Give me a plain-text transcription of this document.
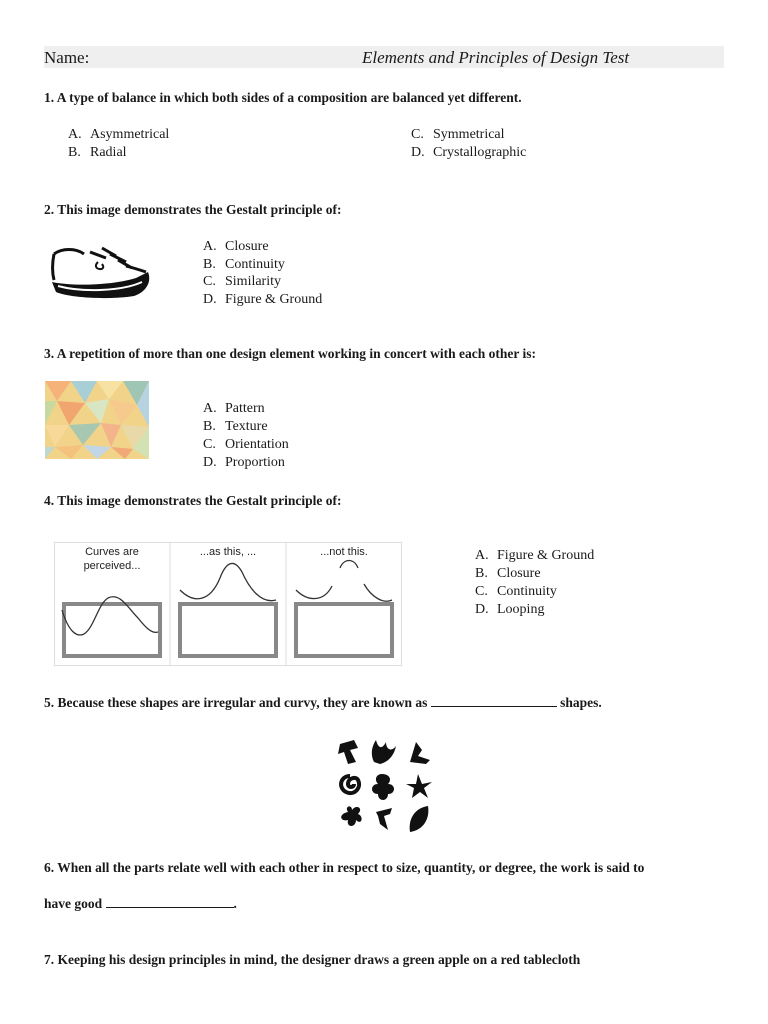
Name:	Elements and Principles of Design Test
1. A type of balance in which both sides of a composition are balanced yet different.
A. Asymmetrical
B. Radial
C. Symmetrical
D. Crystallographic
2. This image demonstrates the Gestalt principle of:
A. Closure
B. Continuity
C. Similarity
D. Figure & Ground
3. A repetition of more than one design element working in concert with each other is:
A. Pattern
B. Texture
C. Orientation
D. Proportion
4. This image demonstrates the Gestalt principle of:
Curves are
perceived...
...as this, ...	...not this.	A. Figure & Ground
B. Closure
C. Continuity
D. Looping
5. Because these shapes are irregular and curvy, they are known as	shapes.
6. When all the parts relate well with each other in respect to size, quantity, or degree, the work is said to
have good	.
7. Keeping his design principles in mind, the designer draws a green apple on a red tablecloth
